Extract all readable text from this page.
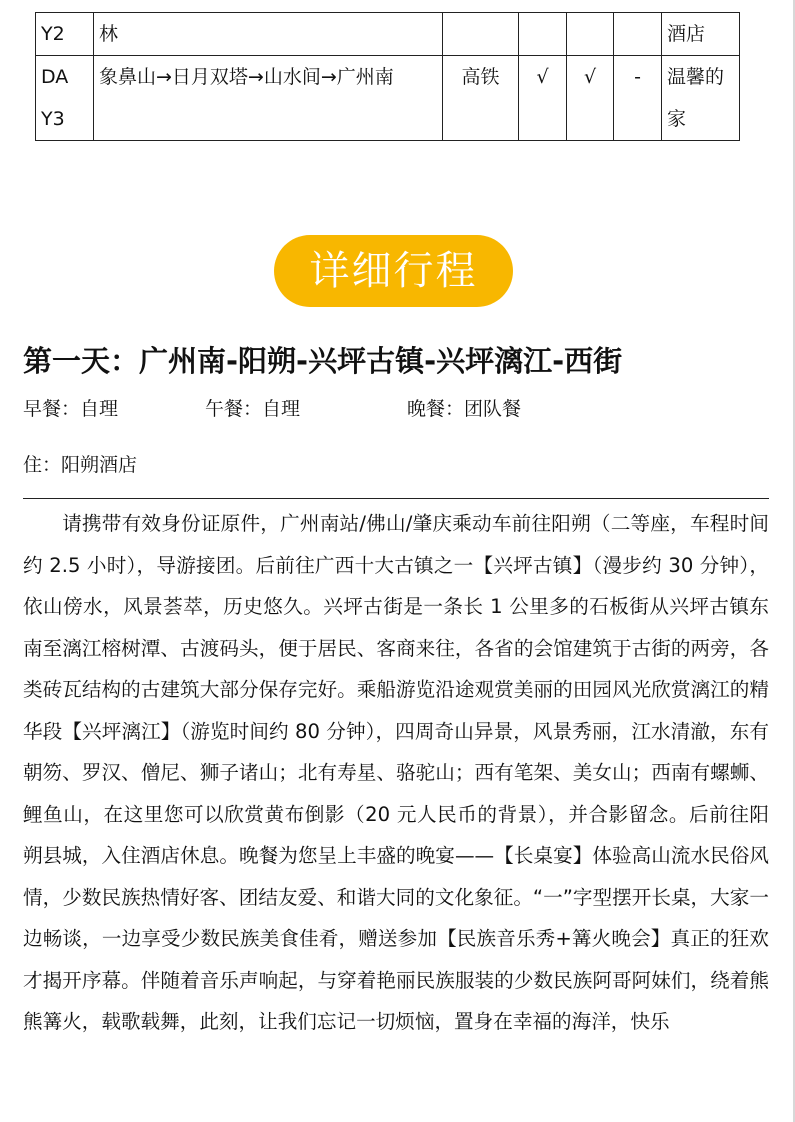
Y2	林					酒店
DA Y3	象鼻山→日月双塔→山水间→广州南	高铁	√	√	-	温馨的家
详细行程
第一天：广州南-阳朔-兴坪古镇-兴坪漓江-西街
早餐：自理	午餐：自理	晚餐：团队餐
住：阳朔酒店

请携带有效身份证原件，广州南站/佛山/肇庆乘动车前往阳朔（二等座，车程时间约 2.5 小时），导游接团。后前往广西十大古镇之一【兴坪古镇】（漫步约 30 分钟），依山傍水，风景荟萃，历史悠久。兴坪古街是一条长 1 公里多的石板街从兴坪古镇东南至漓江榕树潭、古渡码头，便于居民、客商来往，各省的会馆建筑于古街的两旁，各类砖瓦结构的古建筑大部分保存完好。乘船游览沿途观赏美丽的田园风光欣赏漓江的精华段【兴坪漓江】（游览时间约 80 分钟），四周奇山异景，风景秀丽，江水清澈，东有朝笏、罗汉、僧尼、狮子诸山；北有寿星、骆驼山；西有笔架、美女山；西南有螺蛳、鲤鱼山，在这里您可以欣赏黄布倒影（20 元人民币的背景），并合影留念。后前往阳朔县城，入住酒店休息。晚餐为您呈上丰盛的晚宴——【长桌宴】体验高山流水民俗风情，少数民族热情好客、团结友爱、和谐大同的文化象征。“一”字型摆开长桌，大家一边畅谈，一边享受少数民族美食佳肴，赠送参加【民族音乐秀+篝火晚会】真正的狂欢才揭开序幕。伴随着音乐声响起，与穿着艳丽民族服装的少数民族阿哥阿妹们，绕着熊熊篝火，载歌载舞，此刻，让我们忘记一切烦恼，置身在幸福的海洋，快乐
